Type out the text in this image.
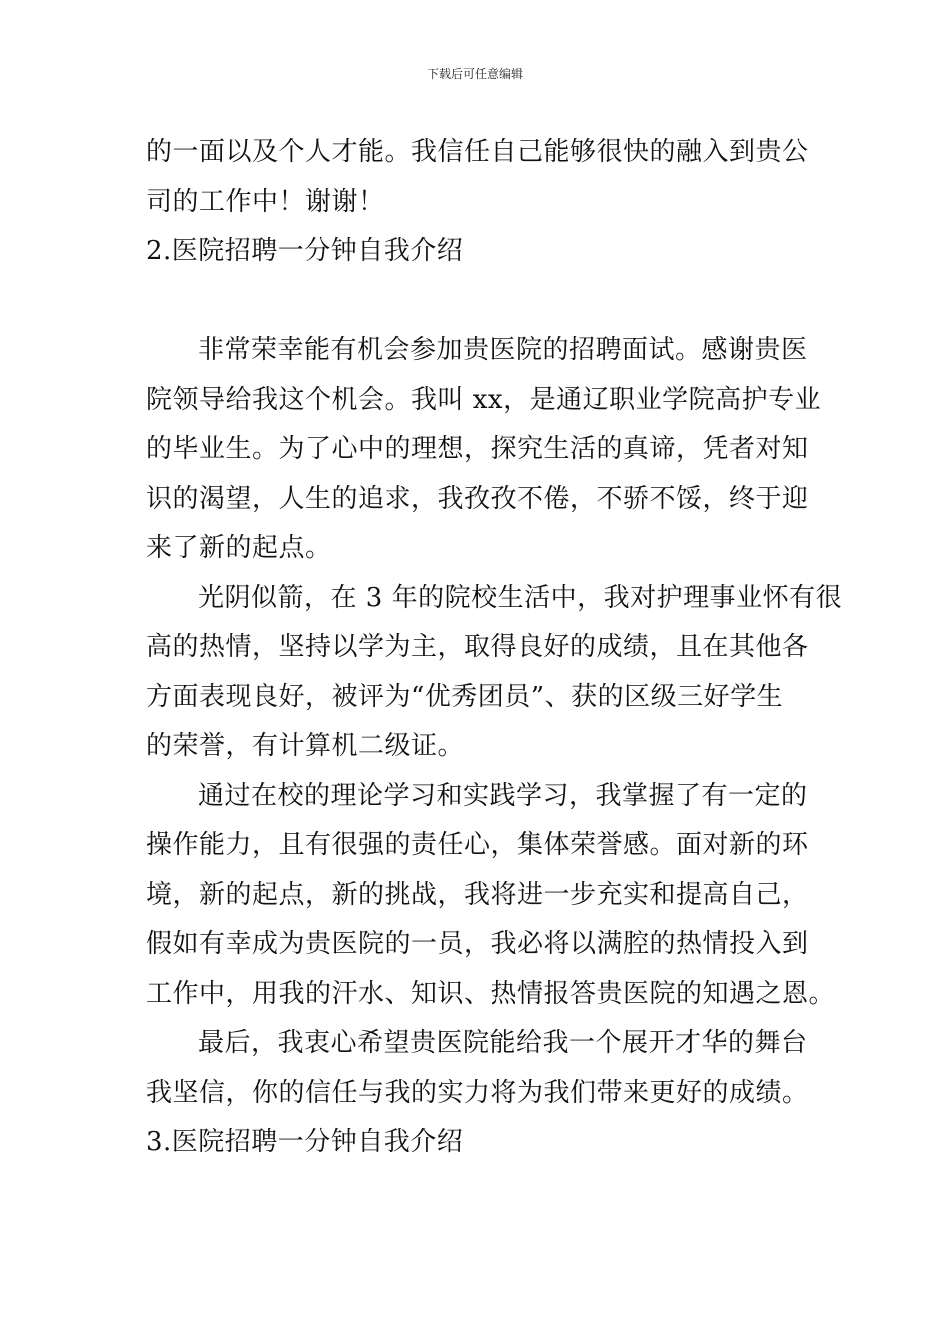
下载后可任意编辑
的一面以及个人才能。我信任自己能够很快的融入到贵公
司的工作中！谢谢！
2.医院招聘一分钟自我介绍
非常荣幸能有机会参加贵医院的招聘面试。感谢贵医
院领导给我这个机会。我叫 xx，是通辽职业学院高护专业
的毕业生。为了心中的理想，探究生活的真谛，凭者对知
识的渴望，人生的追求，我孜孜不倦，不骄不馁，终于迎
来了新的起点。
光阴似箭，在 3 年的院校生活中，我对护理事业怀有很
高的热情，坚持以学为主，取得良好的成绩，且在其他各
方面表现良好，被评为“优秀团员”、获的区级三好学生
的荣誉，有计算机二级证。
通过在校的理论学习和实践学习，我掌握了有一定的
操作能力，且有很强的责任心，集体荣誉感。面对新的环
境，新的起点，新的挑战，我将进一步充实和提高自己，
假如有幸成为贵医院的一员，我必将以满腔的热情投入到
工作中，用我的汗水、知识、热情报答贵医院的知遇之恩。
最后，我衷心希望贵医院能给我一个展开才华的舞台
我坚信，你的信任与我的实力将为我们带来更好的成绩。
3.医院招聘一分钟自我介绍
